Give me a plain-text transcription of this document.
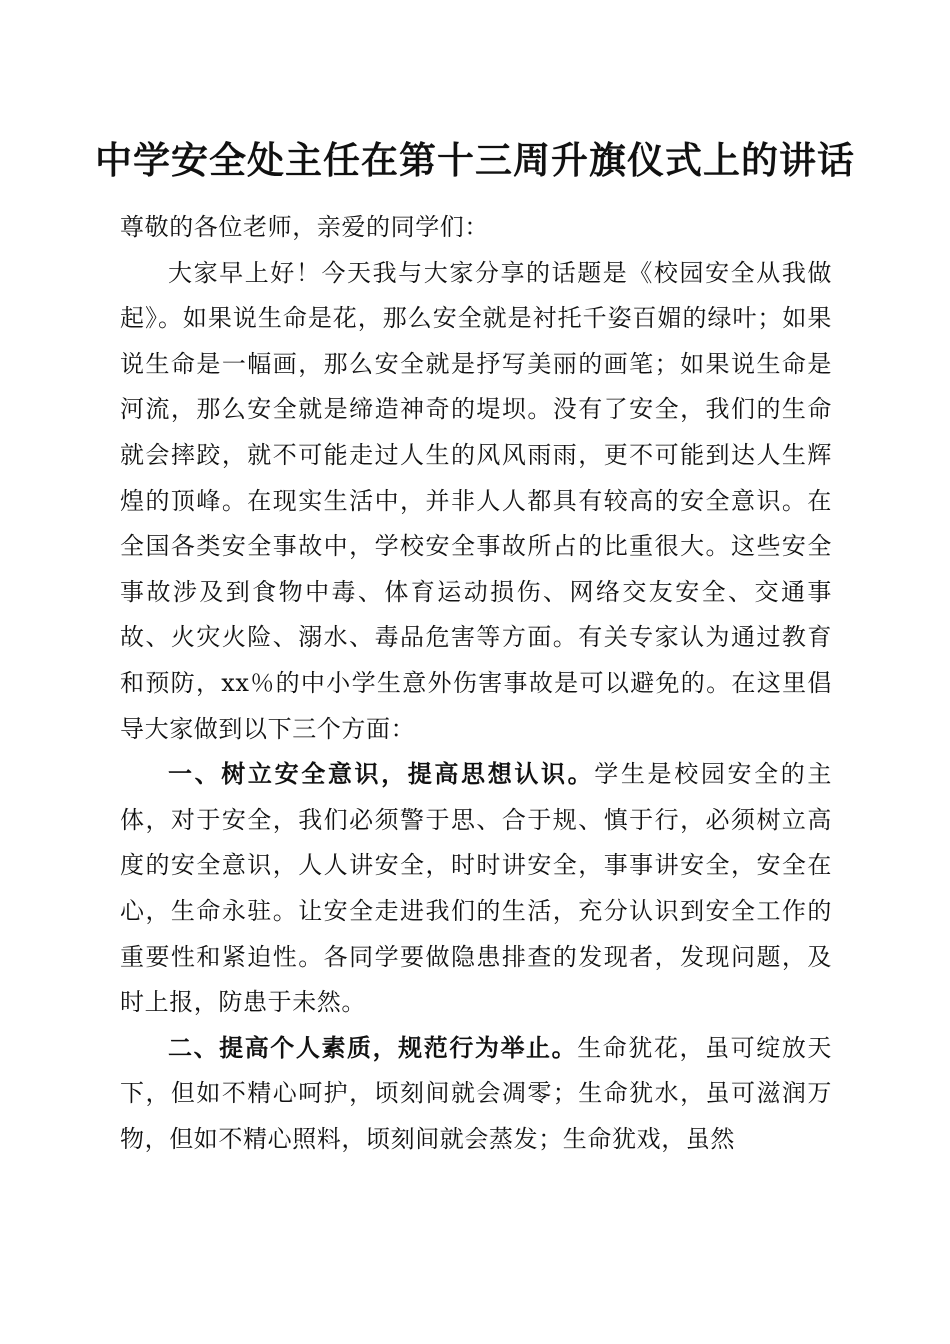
中学安全处主任在第十三周升旗仪式上的讲话

尊敬的各位老师，亲爱的同学们：

大家早上好！今天我与大家分享的话题是《校园安全从我做起》。如果说生命是花，那么安全就是衬托千姿百媚的绿叶；如果说生命是一幅画，那么安全就是抒写美丽的画笔；如果说生命是河流，那么安全就是缔造神奇的堤坝。没有了安全，我们的生命就会摔跤，就不可能走过人生的风风雨雨，更不可能到达人生辉煌的顶峰。在现实生活中，并非人人都具有较高的安全意识。在全国各类安全事故中，学校安全事故所占的比重很大。这些安全事故涉及到食物中毒、体育运动损伤、网络交友安全、交通事故、火灾火险、溺水、毒品危害等方面。有关专家认为通过教育和预防，xx％的中小学生意外伤害事故是可以避免的。在这里倡导大家做到以下三个方面：

一、树立安全意识，提高思想认识。学生是校园安全的主体，对于安全，我们必须警于思、合于规、慎于行，必须树立高度的安全意识，人人讲安全，时时讲安全，事事讲安全，安全在心，生命永驻。让安全走进我们的生活，充分认识到安全工作的重要性和紧迫性。各同学要做隐患排查的发现者，发现问题，及时上报，防患于未然。

二、提高个人素质，规范行为举止。生命犹花，虽可绽放天下，但如不精心呵护，顷刻间就会凋零；生命犹水，虽可滋润万物，但如不精心照料，顷刻间就会蒸发；生命犹戏，虽然
